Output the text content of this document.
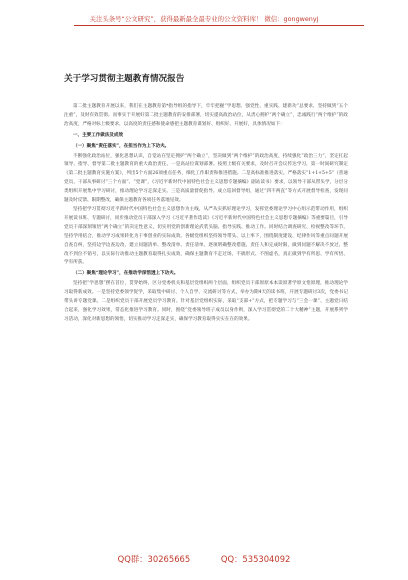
关注头条号“公文研究”，获得最新最全最专业的公文资料库！ 微信：gongwenyj
关于学习贯彻主题教育情况报告

第二批主题教育开展以来，我们在主题教育第*指导组的指导下，牢牢把握“学思想、强党性、重实践、建新功”总要求，坚持做到“五个注重”，及时有效贯彻。而事实于开展好第二批主题教育的安排部署，切实提高政治站位，从责心拥护“两个确立”，忠诚践行“两个维护”的政治高度，严格对标上级要求，以高度的责任感和使命感把主题教育谋划好、组织好、开展好，具体情况如下：

一、主要工作做法及成效

（一）聚焦“责任落实”，在担当作为上下功夫。

不断强化政治站位，强化思想认识，自觉站在坚定拥护“两个确立”，坚决做到“两个维护”的政治高度，持续强化“政治三力”，坚定扛起领导、指导、督导第二批主题教育的重大政治责任。一是高站位谋划部署。按照上级有关要求，及时召开会议传达学习，第一时间研究制定《第二批主题教育实施方案》，列出5个方面26项重点任务，细化工作职责和推进措施。二是高标准推进落实。严格落实“1+1+5+5”（普通党员、干部从事研讨“三个方面”、“党课”，《习近平新时代中国特色社会主义思想专题摘编》副站读书）要求，以领导干部从带头学，分层分类组织开展集中学习研讨，推动理论学习走深走实。三是高质量督促指导。成立巡回督导组，通过“四不两直”等方式开展督导检查，发现问题及时反馈、限期整改，确保主题教育各项任务落地见效。

坚持把学习贯彻习近平新时代中国特色社会主义思想作为主线，从严从实抓好理论学习，发挥党委理论学习中心组示范带动作用，组织开展读书班、专题研讨，同步推动党员干部深入学习《习近平著作选读》《习近平新时代中国特色社会主义思想专题摘编》等重要篇目，引导党员干部深刻领悟“两个确立”的决定性意义，切实用党的创新理论武装头脑、指导实践、推动工作。同时结合调查研究、检视整改等环节，坚持学用结合，推动学习成果转化为干事创业的实际成效。各级党组织坚持领导带头、以上率下，围绕制度建设、纪律作风等重点问题开展自查自纠，坚持边学边查边改，建立问题清单、整改清单、责任清单，逐项明确整改措施、责任人和完成时限，做到问题不解决不放过、整改不到位不销号，以实际行动推动主题教育取得扎实成效，确保主题教育不走过场、不搞形式、不图虚名，真正做到学有所思、学有所悟、学有所获。

（二）聚焦“理论学习”，在推动学深悟透上下功夫。

坚持把“学思想”摆在首位，贯穿始终，区分党委机关和基层党组织两个层面，组织党员干部原原本本读原著学原文悟原理，推动理论学习取得新成效。一是坚持党委领学促学，采取集中研讨、个人自学、交流研讨等方式，举办为期4天的读书班，开展专题研讨3次，党委书记带头讲专题党课。二是组织党员干部开展党员学习教育。针对基层党组织实际，采取“支部+”方式，把专题学习与“三会一课”、主题党日结合起来，强化学习效果，常态化推进学习教育。同时，围绕“党委领导班子成员以身作则，深入学习贯彻党的二十大精神”主题，开展系列学习活动，深化对新思想的领悟，切实推动学习走深走实，确保学习教育取得实实在在的效果。

QQ群：30265665	QQ：535304092
